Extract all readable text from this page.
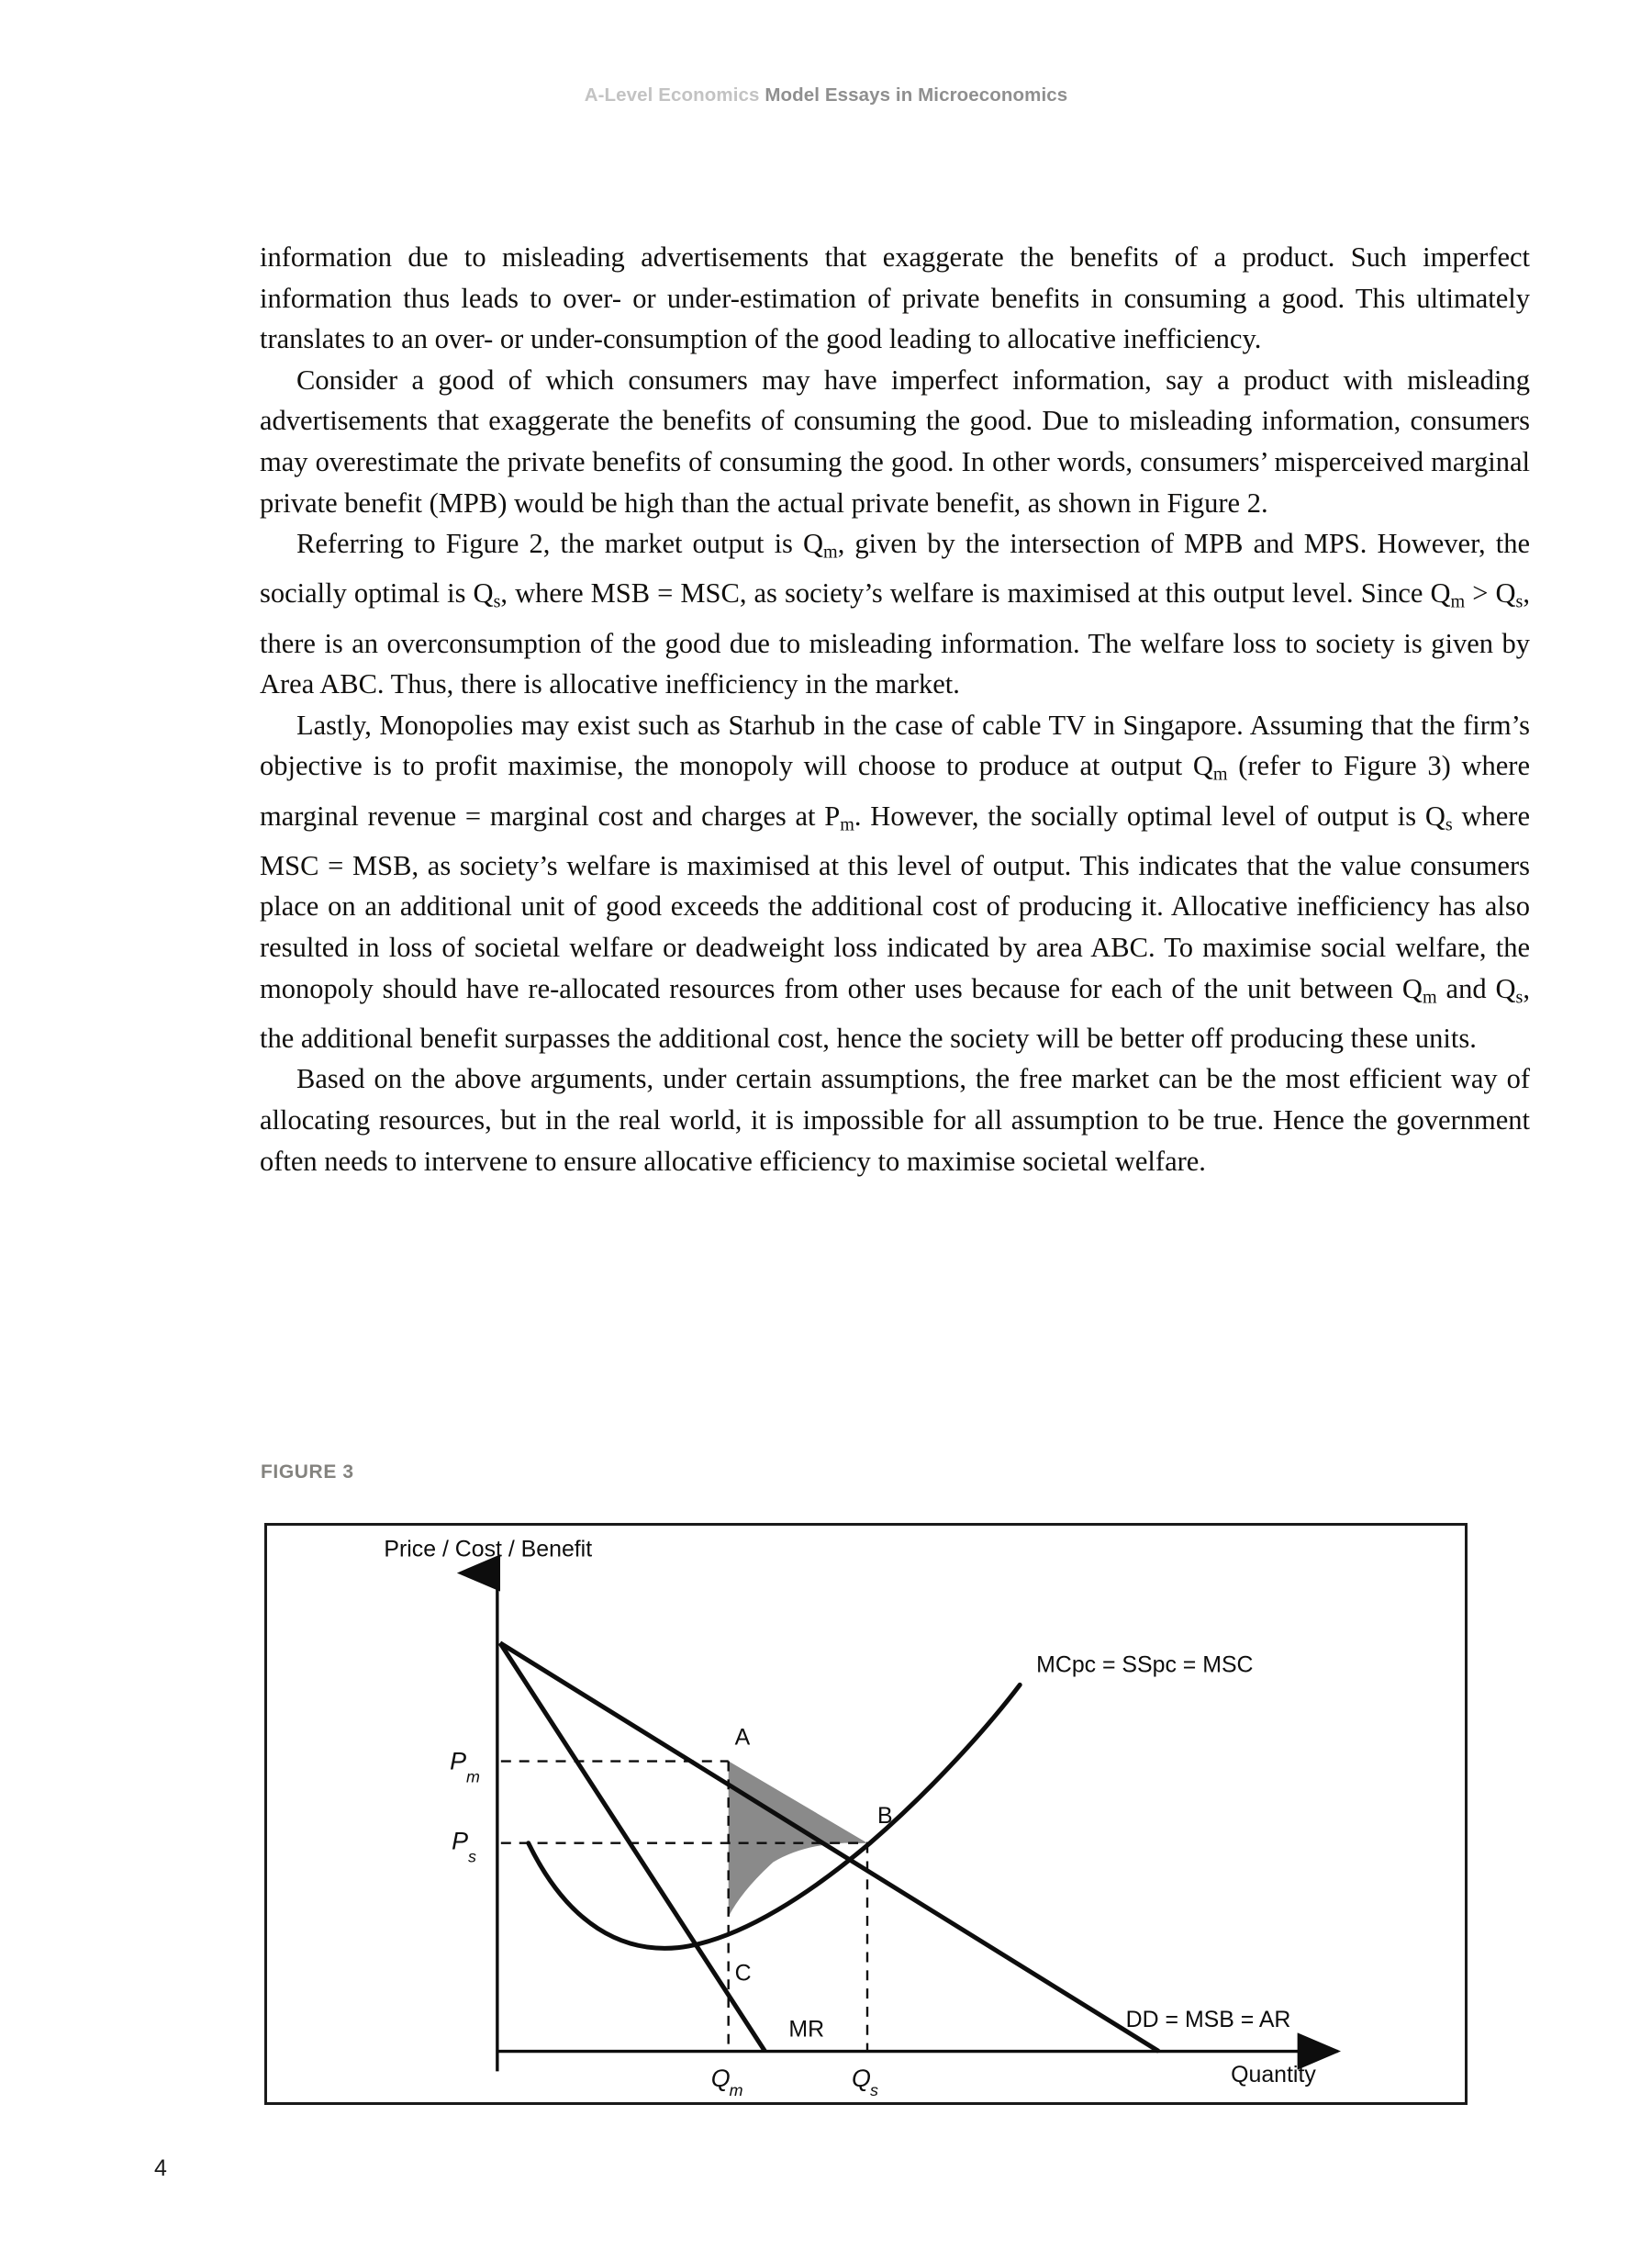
A-Level Economics Model Essays in Microeconomics

information due to misleading advertisements that exaggerate the benefits of a product. Such imperfect information thus leads to over- or under-estimation of private benefits in consuming a good. This ultimately translates to an over- or under-consumption of the good leading to allocative inefficiency.

Consider a good of which consumers may have imperfect information, say a product with misleading advertisements that exaggerate the benefits of consuming the good. Due to misleading information, consumers may overestimate the private benefits of consuming the good. In other words, consumers’ misperceived marginal private benefit (MPB) would be high than the actual private benefit, as shown in Figure 2.

Referring to Figure 2, the market output is $Q_m$, given by the intersection of MPB and MPS. However, the socially optimal is $Q_s$, where MSB = MSC, as society’s welfare is maximised at this output level. Since $Q_m > Q_s$, there is an overconsumption of the good due to misleading information. The welfare loss to society is given by Area ABC. Thus, there is allocative inefficiency in the market.

Lastly, Monopolies may exist such as Starhub in the case of cable TV in Singapore. Assuming that the firm’s objective is to profit maximise, the monopoly will choose to produce at output $Q_m$ (refer to Figure 3) where marginal revenue = marginal cost and charges at $P_m$. However, the socially optimal level of output is $Q_s$ where MSC = MSB, as society’s welfare is maximised at this level of output. This indicates that the value consumers place on an additional unit of good exceeds the additional cost of producing it. Allocative inefficiency has also resulted in loss of societal welfare or deadweight loss indicated by area ABC. To maximise social welfare, the monopoly should have re-allocated resources from other uses because for each of the unit between $Q_m$ and $Q_s$, the additional benefit surpasses the additional cost, hence the society will be better off producing these units.

Based on the above arguments, under certain assumptions, the free market can be the most efficient way of allocating resources, but in the real world, it is impossible for all assumption to be true. Hence the government often needs to intervene to ensure allocative efficiency to maximise societal welfare.

FIGURE 3
Price / Cost / Benefit
Quantity
MCpc = SSpc = MSC
DD = MSB = AR
MR
A
B
C
P
m
P
s
Q m	Q s
4
